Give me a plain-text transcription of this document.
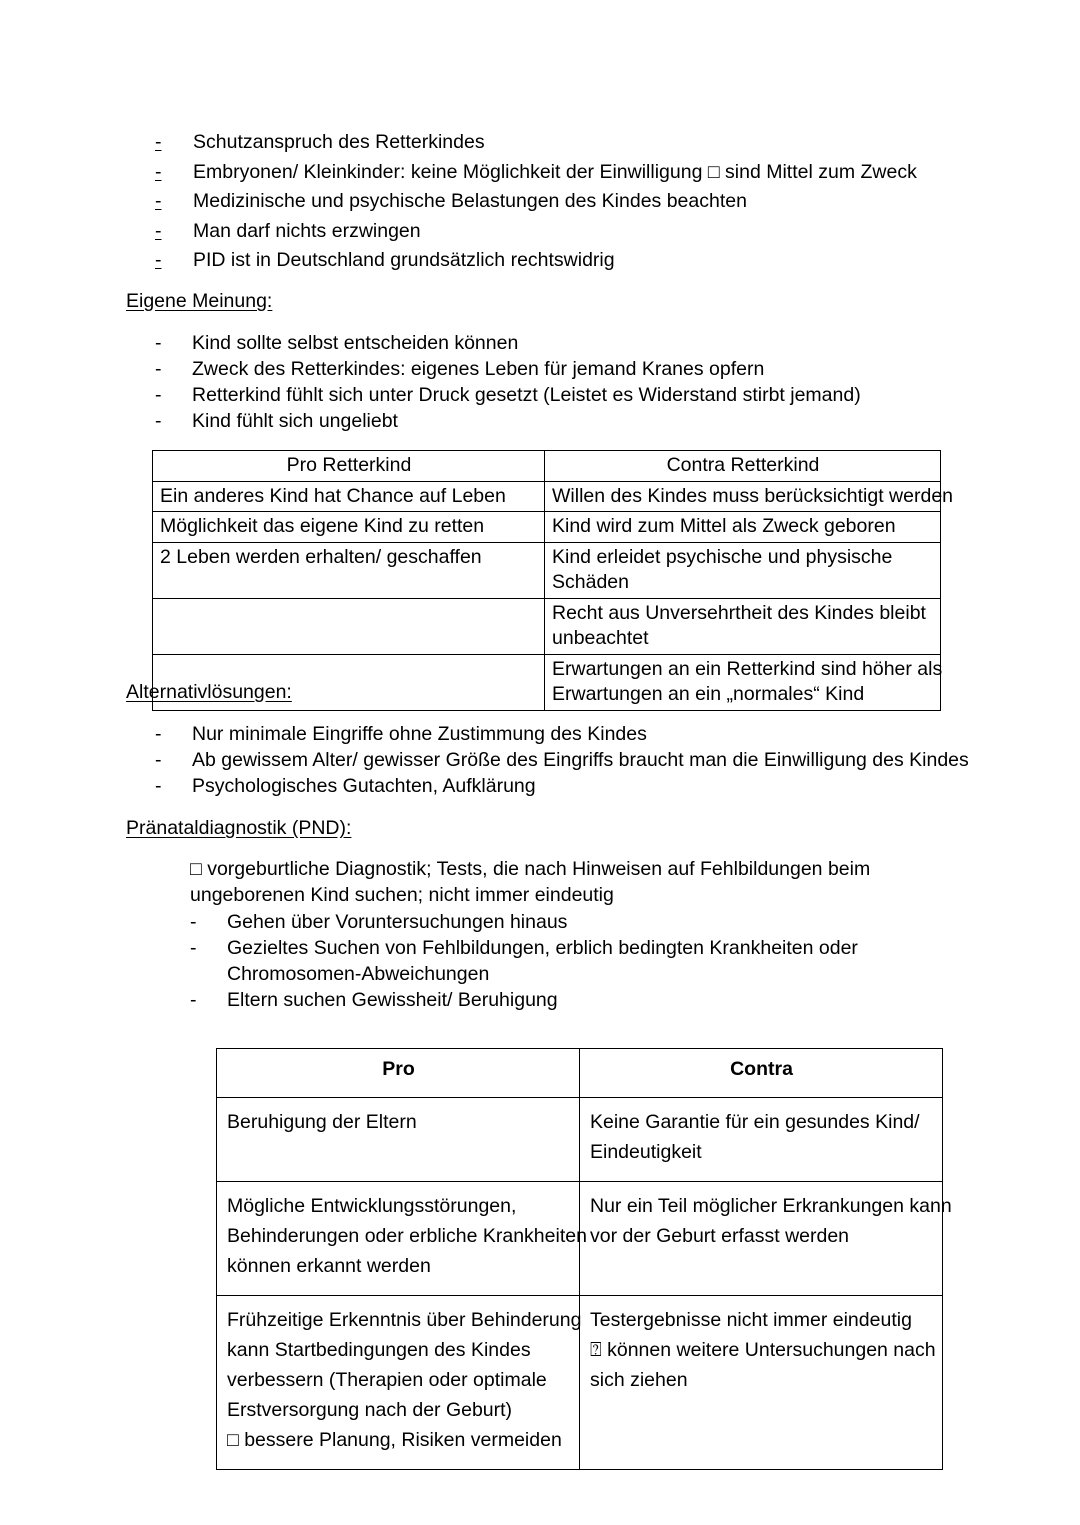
-	Schutzanspruch des Retterkindes
-	Embryonen/ Kleinkinder: keine Möglichkeit der Einwilligung □ sind Mittel zum Zweck
-	Medizinische und psychische Belastungen des Kindes beachten
-	Man darf nichts erzwingen
-	PID ist in Deutschland grundsätzlich rechtswidrig
Eigene Meinung:
-	Kind sollte selbst entscheiden können
-	Zweck des Retterkindes: eigenes Leben für jemand Kranes opfern
-	Retterkind fühlt sich unter Druck gesetzt (Leistet es Widerstand stirbt jemand)
-	Kind fühlt sich ungeliebt
Pro Retterkind	Contra Retterkind

Ein anderes Kind hat Chance auf Leben	Willen des Kindes muss berücksichtigt werden

Möglichkeit das eigene Kind zu retten	Kind wird zum Mittel als Zweck geboren

2 Leben werden erhalten/ geschaffen	Kind erleidet psychische und physische
Schäden

	Recht aus Unversehrtheit des Kindes bleibt
unbeachtet

	Erwartungen an ein Retterkind sind höher als
Erwartungen an ein „normales“ Kind
Alternativlösungen:
-	Nur minimale Eingriffe ohne Zustimmung des Kindes
-	Ab gewissem Alter/ gewisser Größe des Eingriffs braucht man die Einwilligung des Kindes
-	Psychologisches Gutachten, Aufklärung
Pränataldiagnostik (PND):
□ vorgeburtliche Diagnostik; Tests, die nach Hinweisen auf Fehlbildungen beim ungeborenen Kind suchen; nicht immer eindeutig
-	Gehen über Voruntersuchungen hinaus
-	Gezieltes Suchen von Fehlbildungen, erblich bedingten Krankheiten oder
Chromosomen-Abweichungen
-	Eltern suchen Gewissheit/ Beruhigung
Pro	Contra

Beruhigung der Eltern	Keine Garantie für ein gesundes Kind/
Eindeutigkeit

Mögliche Entwicklungsstörungen,
Behinderungen oder erbliche Krankheiten
können erkannt werden	Nur ein Teil möglicher Erkrankungen kann
vor der Geburt erfasst werden

Frühzeitige Erkenntnis über Behinderung
kann Startbedingungen des Kindes
verbessern (Therapien oder optimale
Erstversorgung nach der Geburt)
□ bessere Planung, Risiken vermeiden	Testergebnisse nicht immer eindeutig
⍰ können weitere Untersuchungen nach
sich ziehen
